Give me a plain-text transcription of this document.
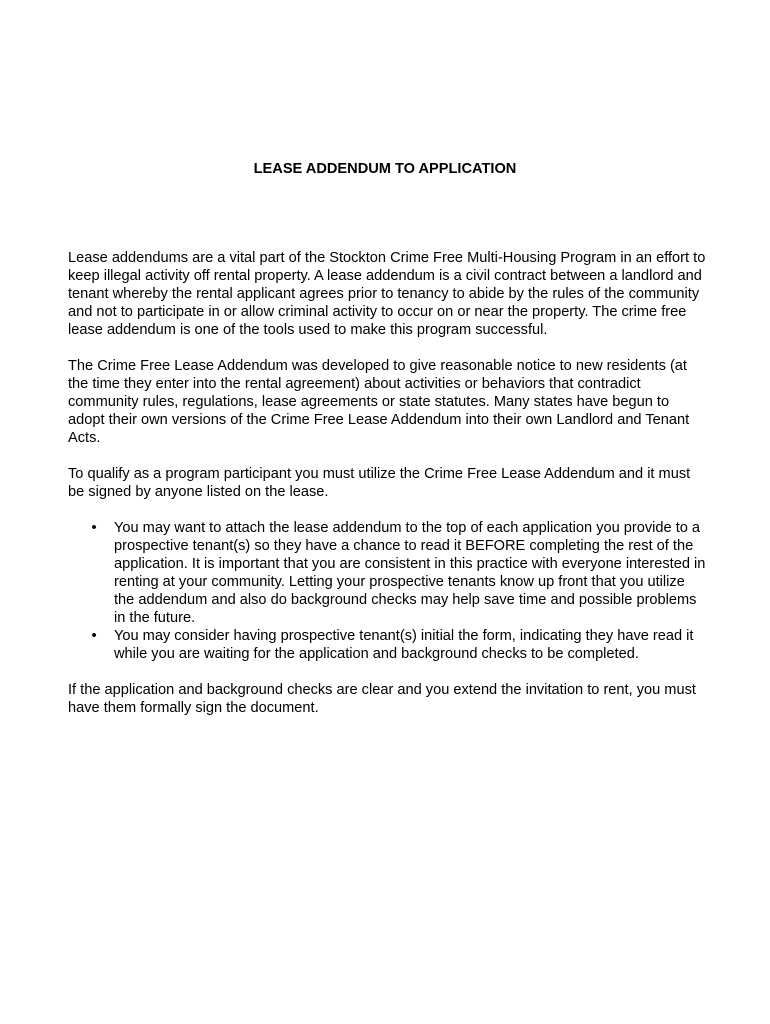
LEASE ADDENDUM TO APPLICATION

Lease addendums are a vital part of the Stockton Crime Free Multi-Housing Program in an effort to keep illegal activity off rental property. A lease addendum is a civil contract between a landlord and tenant whereby the rental applicant agrees prior to tenancy to abide by the rules of the community and not to participate in or allow criminal activity to occur on or near the property. The crime free lease addendum is one of the tools used to make this program successful.

The Crime Free Lease Addendum was developed to give reasonable notice to new residents (at the time they enter into the rental agreement) about activities or behaviors that contradict community rules, regulations, lease agreements or state statutes. Many states have begun to adopt their own versions of the Crime Free Lease Addendum into their own Landlord and Tenant Acts.

To qualify as a program participant you must utilize the Crime Free Lease Addendum and it must be signed by anyone listed on the lease.

• You may want to attach the lease addendum to the top of each application you provide to a prospective tenant(s) so they have a chance to read it BEFORE completing the rest of the application. It is important that you are consistent in this practice with everyone interested in renting at your community. Letting your prospective tenants know up front that you utilize the addendum and also do background checks may help save time and possible problems in the future.
• You may consider having prospective tenant(s) initial the form, indicating they have read it while you are waiting for the application and background checks to be completed.

If the application and background checks are clear and you extend the invitation to rent, you must have them formally sign the document.
